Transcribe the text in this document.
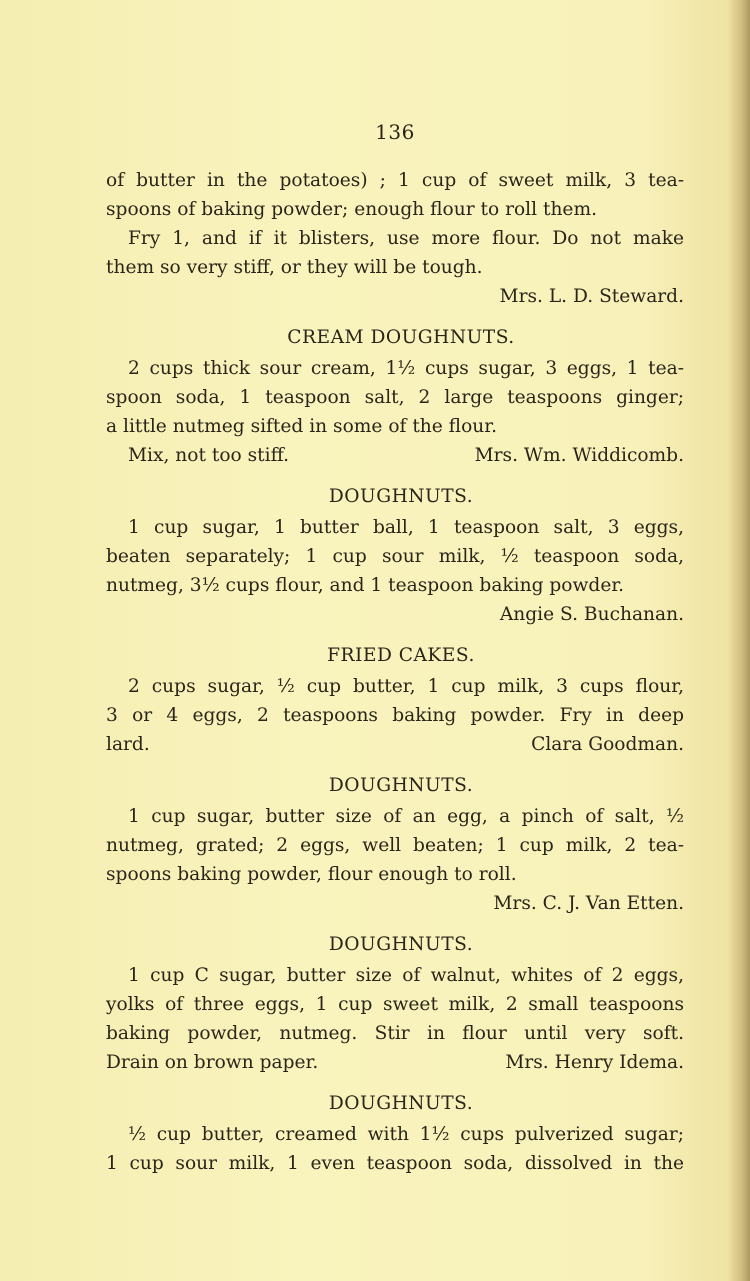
136
of butter in the potatoes) ; 1 cup of sweet milk, 3 tea-
spoons of baking powder; enough flour to roll them.
Fry 1, and if it blisters, use more flour. Do not make
them so very stiff, or they will be tough.
Mrs. L. D. Steward.
CREAM DOUGHNUTS.
2 cups thick sour cream, 1½ cups sugar, 3 eggs, 1 tea-
spoon soda, 1 teaspoon salt, 2 large teaspoons ginger;
a little nutmeg sifted in some of the flour.
Mix, not too stiff.	Mrs. Wm. Widdicomb.
DOUGHNUTS.
1 cup sugar, 1 butter ball, 1 teaspoon salt, 3 eggs,
beaten separately; 1 cup sour milk, ½ teaspoon soda,
nutmeg, 3½ cups flour, and 1 teaspoon baking powder.
Angie S. Buchanan.
FRIED CAKES.
2 cups sugar, ½ cup butter, 1 cup milk, 3 cups flour,
3 or 4 eggs, 2 teaspoons baking powder. Fry in deep
lard.	Clara Goodman.
DOUGHNUTS.
1 cup sugar, butter size of an egg, a pinch of salt, ½
nutmeg, grated; 2 eggs, well beaten; 1 cup milk, 2 tea-
spoons baking powder, flour enough to roll.
Mrs. C. J. Van Etten.
DOUGHNUTS.
1 cup C sugar, butter size of walnut, whites of 2 eggs,
yolks of three eggs, 1 cup sweet milk, 2 small teaspoons
baking powder, nutmeg. Stir in flour until very soft.
Drain on brown paper.	Mrs. Henry Idema.
DOUGHNUTS.
½ cup butter, creamed with 1½ cups pulverized sugar;
1 cup sour milk, 1 even teaspoon soda, dissolved in the
